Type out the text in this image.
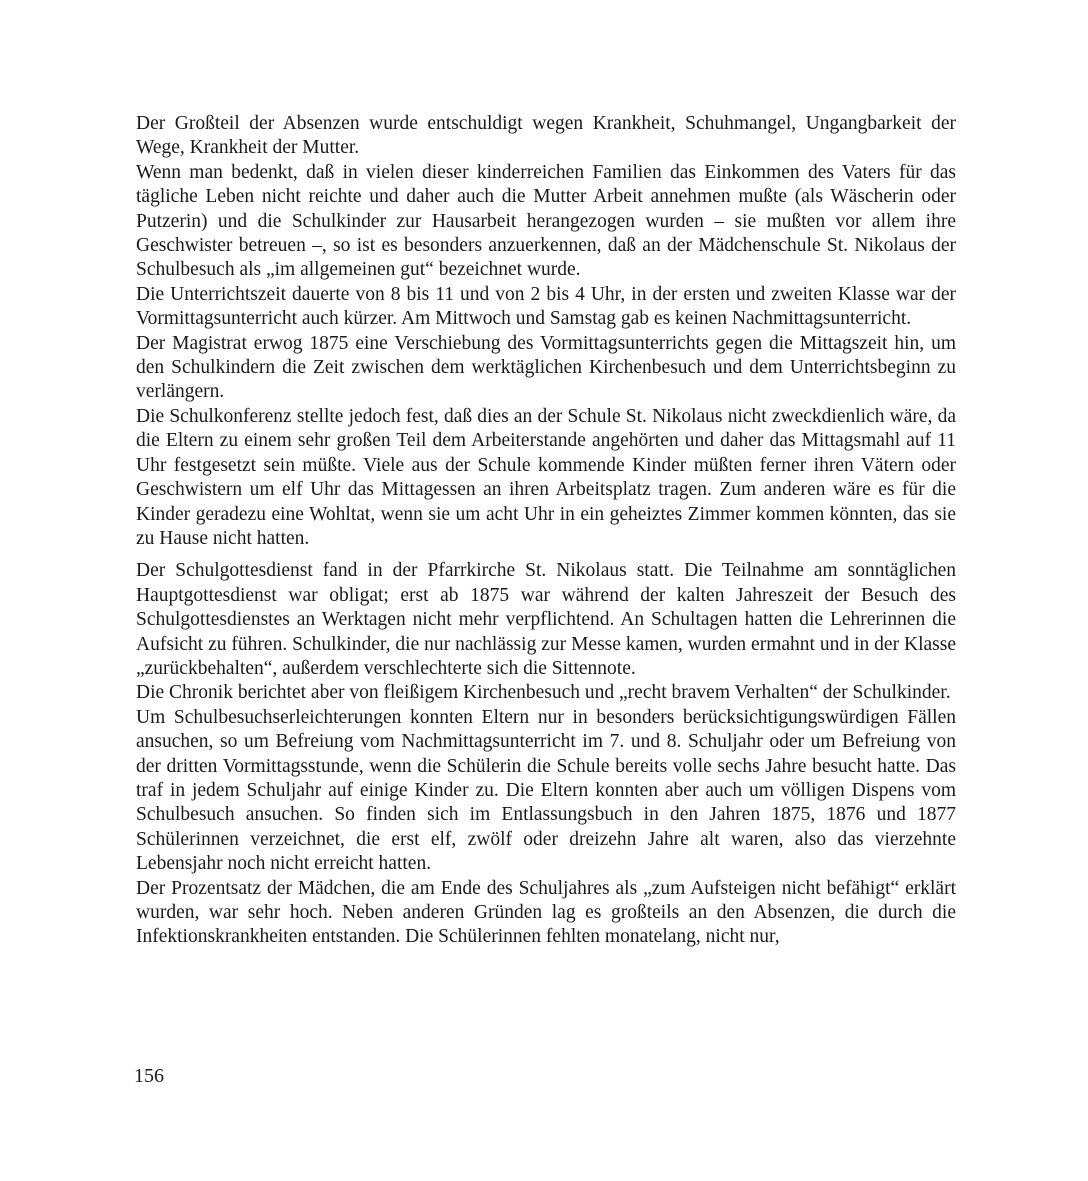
Der Großteil der Absenzen wurde entschuldigt wegen Krankheit, Schuhmangel, Ungangbarkeit der Wege, Krankheit der Mutter.

Wenn man bedenkt, daß in vielen dieser kinderreichen Familien das Einkommen des Vaters für das tägliche Leben nicht reichte und daher auch die Mutter Arbeit annehmen mußte (als Wäscherin oder Putzerin) und die Schulkinder zur Hausarbeit herangezogen wurden – sie mußten vor allem ihre Geschwister betreuen –, so ist es besonders anzuerkennen, daß an der Mädchenschule St. Nikolaus der Schulbesuch als „im allgemeinen gut“ bezeichnet wurde.

Die Unterrichtszeit dauerte von 8 bis 11 und von 2 bis 4 Uhr, in der ersten und zweiten Klasse war der Vormittagsunterricht auch kürzer. Am Mittwoch und Samstag gab es keinen Nachmittagsunterricht.

Der Magistrat erwog 1875 eine Verschiebung des Vormittagsunterrichts gegen die Mittagszeit hin, um den Schulkindern die Zeit zwischen dem werktäglichen Kirchenbesuch und dem Unterrichtsbeginn zu verlängern.

Die Schulkonferenz stellte jedoch fest, daß dies an der Schule St. Nikolaus nicht zweckdienlich wäre, da die Eltern zu einem sehr großen Teil dem Arbeiterstande angehörten und daher das Mittagsmahl auf 11 Uhr festgesetzt sein müßte. Viele aus der Schule kommende Kinder müßten ferner ihren Vätern oder Geschwistern um elf Uhr das Mittagessen an ihren Arbeitsplatz tragen. Zum anderen wäre es für die Kinder geradezu eine Wohltat, wenn sie um acht Uhr in ein geheiztes Zimmer kommen könnten, das sie zu Hause nicht hatten.

Der Schulgottesdienst fand in der Pfarrkirche St. Nikolaus statt. Die Teilnahme am sonntäglichen Hauptgottesdienst war obligat; erst ab 1875 war während der kalten Jahreszeit der Besuch des Schulgottesdienstes an Werktagen nicht mehr verpflichtend. An Schultagen hatten die Lehrerinnen die Aufsicht zu führen. Schulkinder, die nur nachlässig zur Messe kamen, wurden ermahnt und in der Klasse „zurückbehalten“, außerdem verschlechterte sich die Sittennote.

Die Chronik berichtet aber von fleißigem Kirchenbesuch und „recht bravem Verhalten“ der Schulkinder.

Um Schulbesuchserleichterungen konnten Eltern nur in besonders berücksichtigungswürdigen Fällen ansuchen, so um Befreiung vom Nachmittagsunterricht im 7. und 8. Schuljahr oder um Befreiung von der dritten Vormittagsstunde, wenn die Schülerin die Schule bereits volle sechs Jahre besucht hatte. Das traf in jedem Schuljahr auf einige Kinder zu. Die Eltern konnten aber auch um völligen Dispens vom Schulbesuch ansuchen. So finden sich im Entlassungsbuch in den Jahren 1875, 1876 und 1877 Schülerinnen verzeichnet, die erst elf, zwölf oder dreizehn Jahre alt waren, also das vierzehnte Lebensjahr noch nicht erreicht hatten.

Der Prozentsatz der Mädchen, die am Ende des Schuljahres als „zum Aufsteigen nicht befähigt“ erklärt wurden, war sehr hoch. Neben anderen Gründen lag es großteils an den Absenzen, die durch die Infektionskrankheiten entstanden. Die Schülerinnen fehlten monatelang, nicht nur,

156
